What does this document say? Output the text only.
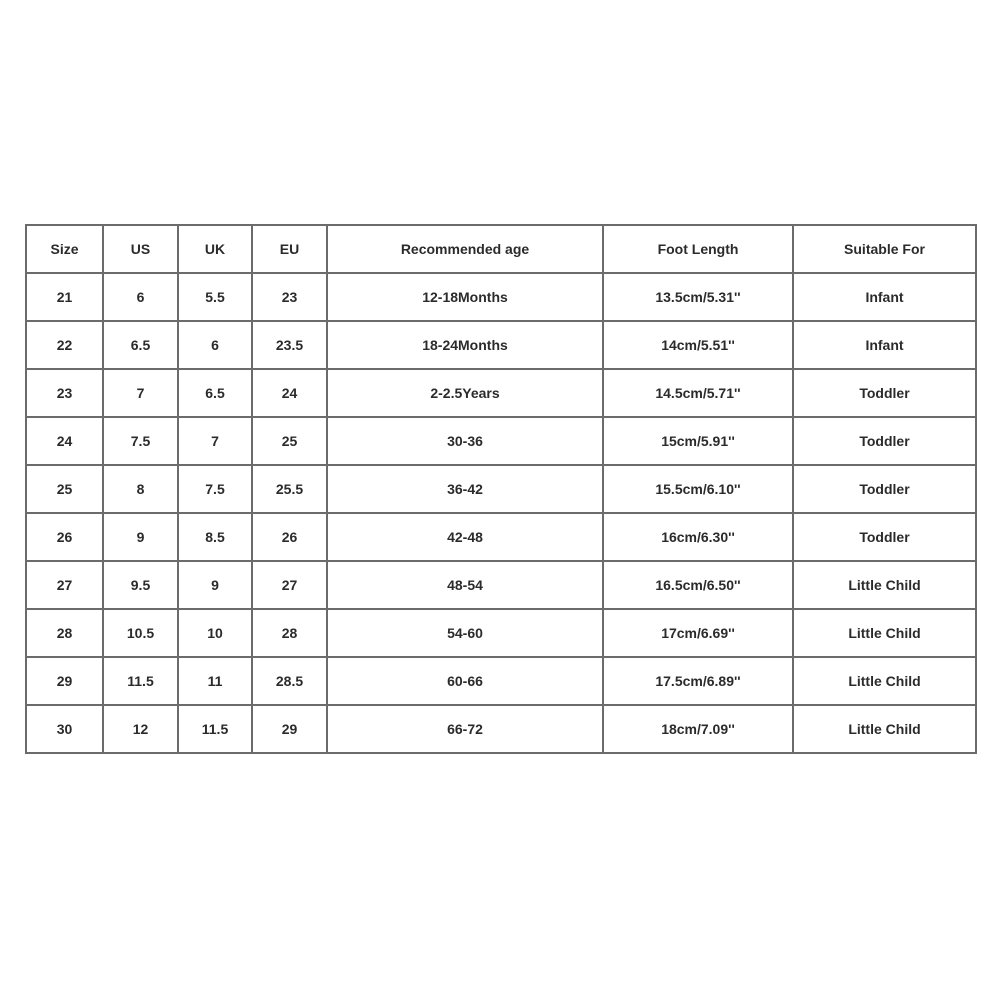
Size	US	UK	EU	Recommended age	Foot Length	Suitable For
21	6	5.5	23	12-18Months	13.5cm/5.31''	Infant
22	6.5	6	23.5	18-24Months	14cm/5.51''	Infant
23	7	6.5	24	2-2.5Years	14.5cm/5.71''	Toddler
24	7.5	7	25	30-36	15cm/5.91''	Toddler
25	8	7.5	25.5	36-42	15.5cm/6.10''	Toddler
26	9	8.5	26	42-48	16cm/6.30''	Toddler
27	9.5	9	27	48-54	16.5cm/6.50''	Little Child
28	10.5	10	28	54-60	17cm/6.69''	Little Child
29	11.5	11	28.5	60-66	17.5cm/6.89''	Little Child
30	12	11.5	29	66-72	18cm/7.09''	Little Child
